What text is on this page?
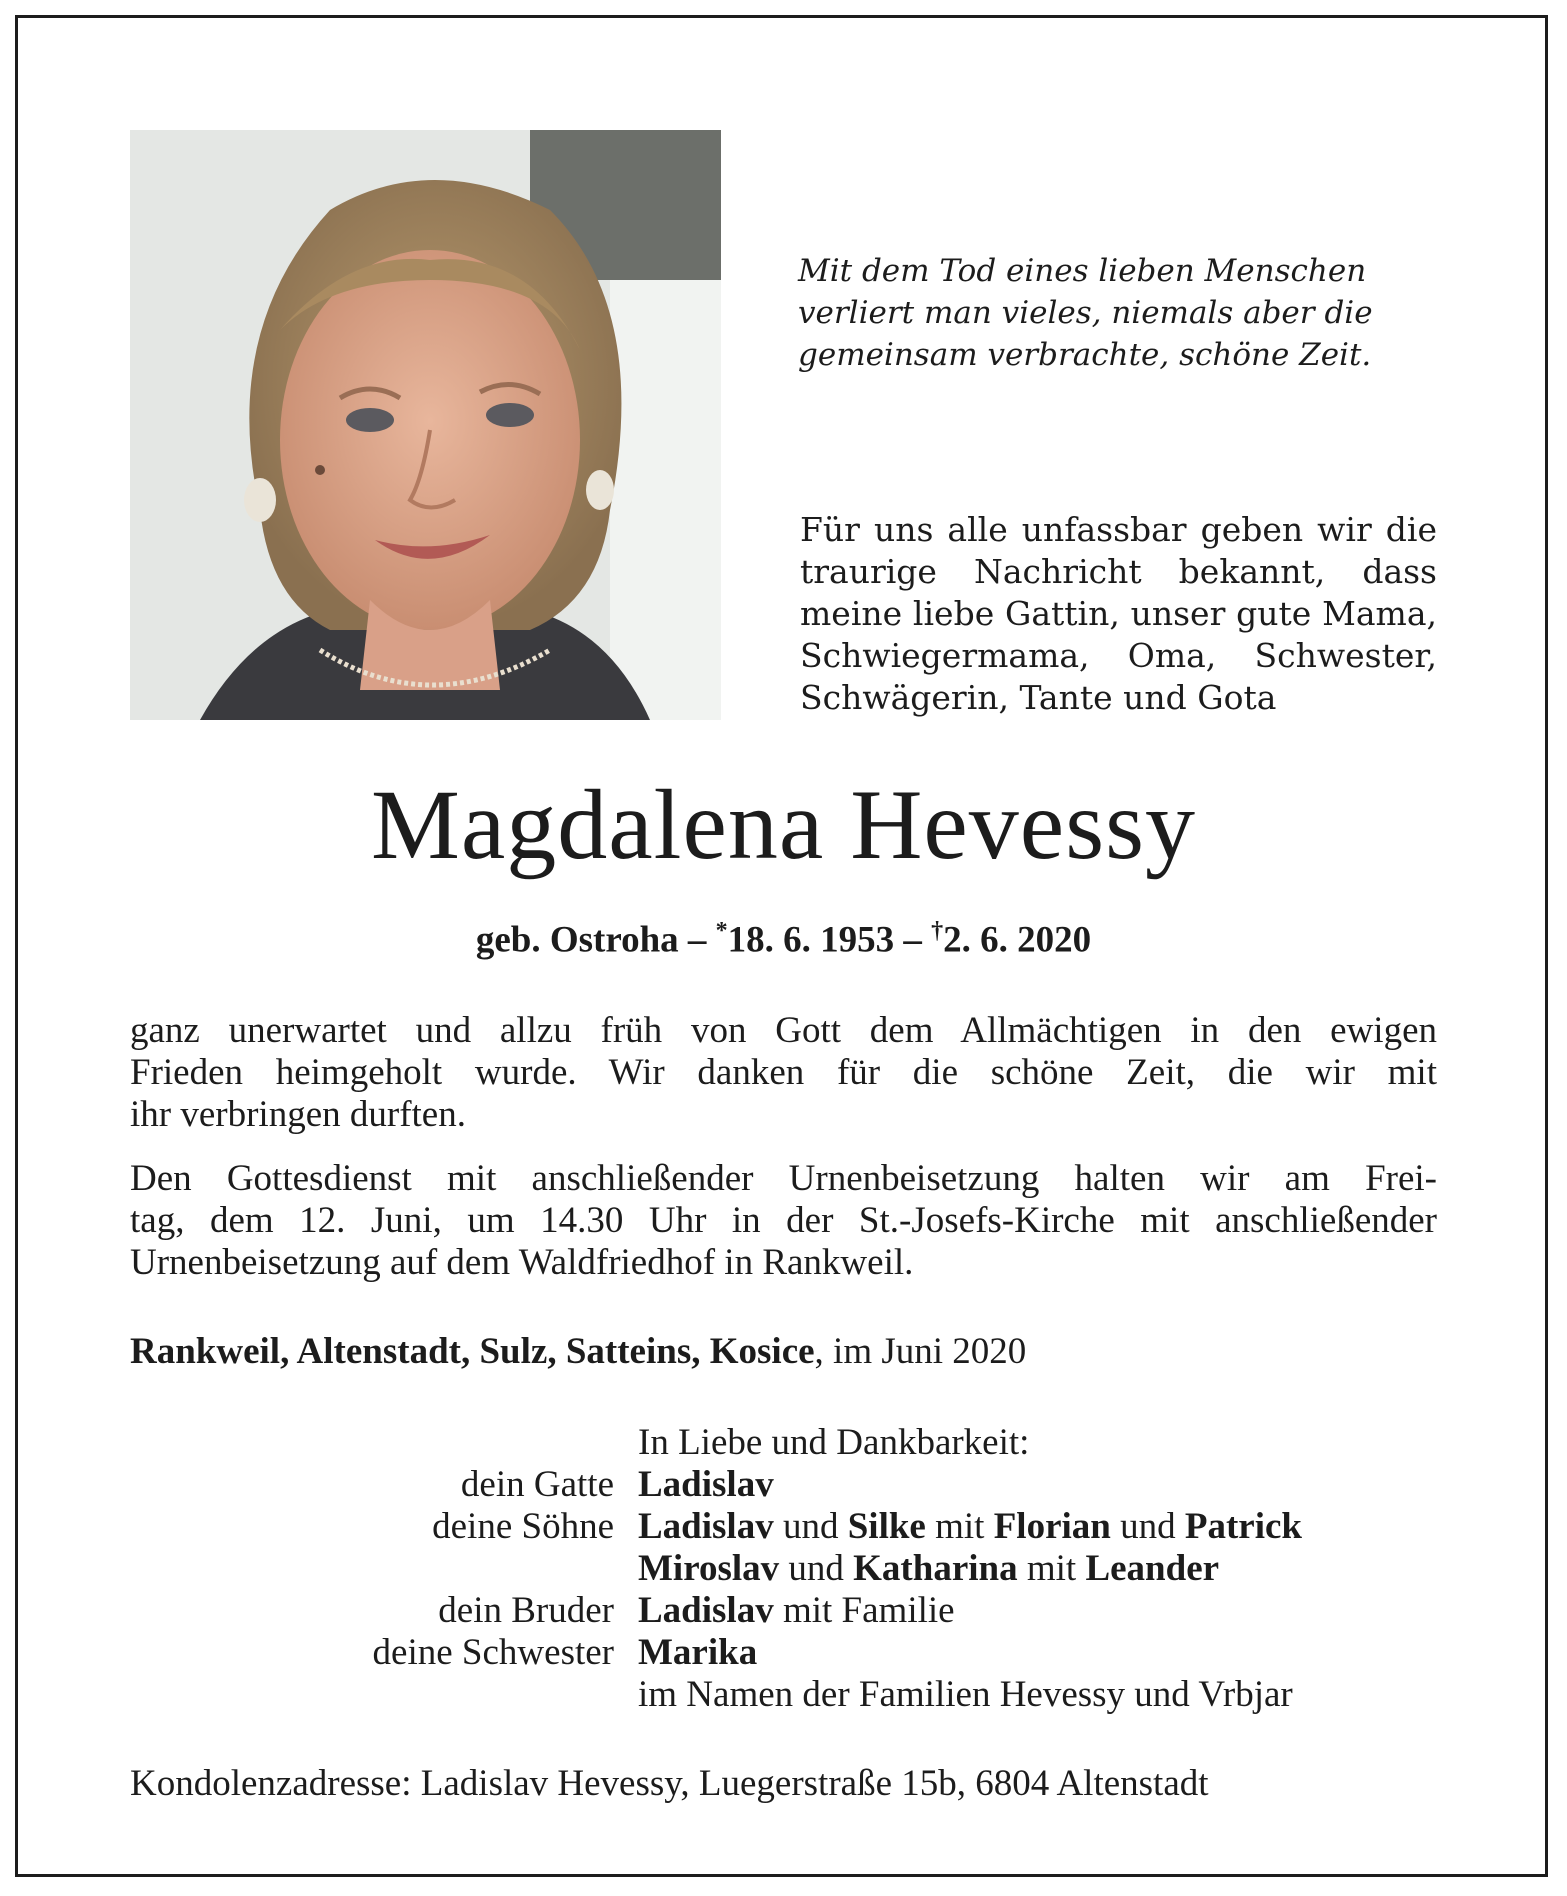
Mit dem Tod eines lieben Menschen
verliert man vieles, niemals aber die
gemeinsam verbrachte, schöne Zeit.
Für uns alle unfassbar geben wir die
traurige Nachricht bekannt, dass
meine liebe Gattin, unser gute Mama,
Schwiegermama, Oma, Schwester,
Schwägerin, Tante und Gota
Magdalena Hevessy
geb. Ostroha – *18. 6. 1953 – †2. 6. 2020
ganz unerwartet und allzu früh von Gott dem Allmächtigen in den ewigen
Frieden heimgeholt wurde. Wir danken für die schöne Zeit, die wir mit
ihr verbringen durften.
Den Gottesdienst mit anschließender Urnenbeisetzung halten wir am Frei-
tag, dem 12. Juni, um 14.30 Uhr in der St.-Josefs-Kirche mit anschließender
Urnenbeisetzung auf dem Waldfriedhof in Rankweil.
Rankweil, Altenstadt, Sulz, Satteins, Kosice, im Juni 2020
In Liebe und Dankbarkeit:
dein Gatte Ladislav
deine Söhne Ladislav und Silke mit Florian und Patrick
Miroslav und Katharina mit Leander
dein Bruder Ladislav mit Familie
deine Schwester Marika
im Namen der Familien Hevessy und Vrbjar
Kondolenzadresse: Ladislav Hevessy, Luegerstraße 15b, 6804 Altenstadt
